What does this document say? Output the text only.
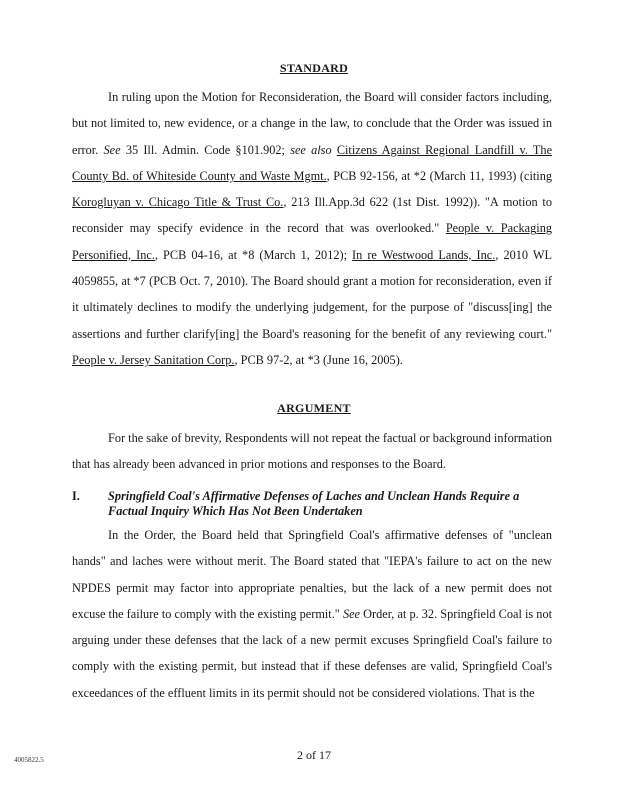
STANDARD

In ruling upon the Motion for Reconsideration, the Board will consider factors including, but not limited to, new evidence, or a change in the law, to conclude that the Order was issued in error. See 35 Ill. Admin. Code §101.902; see also Citizens Against Regional Landfill v. The County Bd. of Whiteside County and Waste Mgmt., PCB 92-156, at *2 (March 11, 1993) (citing Korogluyan v. Chicago Title & Trust Co., 213 Ill.App.3d 622 (1st Dist. 1992)). "A motion to reconsider may specify evidence in the record that was overlooked." People v. Packaging Personified, Inc., PCB 04-16, at *8 (March 1, 2012); In re Westwood Lands, Inc., 2010 WL 4059855, at *7 (PCB Oct. 7, 2010). The Board should grant a motion for reconsideration, even if it ultimately declines to modify the underlying judgement, for the purpose of "discuss[ing] the assertions and further clarify[ing] the Board's reasoning for the benefit of any reviewing court." People v. Jersey Sanitation Corp., PCB 97-2, at *3 (June 16, 2005).

ARGUMENT

For the sake of brevity, Respondents will not repeat the factual or background information that has already been advanced in prior motions and responses to the Board.

I. Springfield Coal's Affirmative Defenses of Laches and Unclean Hands Require a Factual Inquiry Which Has Not Been Undertaken

In the Order, the Board held that Springfield Coal's affirmative defenses of "unclean hands" and laches were without merit. The Board stated that "IEPA's failure to act on the new NPDES permit may factor into appropriate penalties, but the lack of a new permit does not excuse the failure to comply with the existing permit." See Order, at p. 32. Springfield Coal is not arguing under these defenses that the lack of a new permit excuses Springfield Coal's failure to comply with the existing permit, but instead that if these defenses are valid, Springfield Coal's exceedances of the effluent limits in its permit should not be considered violations. That is the

2 of 17
4005822.5
